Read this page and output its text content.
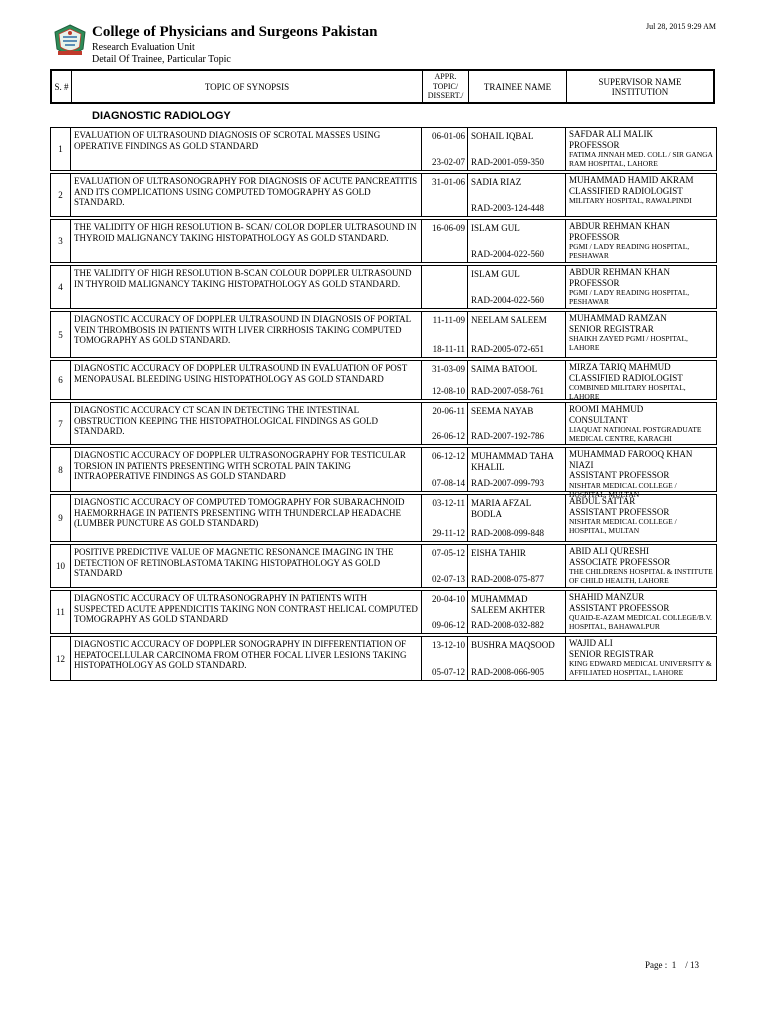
College of Physicians and Surgeons Pakistan
Research Evaluation Unit
Detail Of Trainee, Particular Topic
Jul 28, 2015 9:29 AM
S. #	TOPIC OF SYNOPSIS
APPR. TOPIC/ DISSERT./
TRAINEE NAME	SUPERVISOR NAME INSTITUTION
DIAGNOSTIC RADIOLOGY
1
EVALUATION OF ULTRASOUND DIAGNOSIS OF SCROTAL MASSES USING OPERATIVE FINDINGS AS GOLD STANDARD
06-01-06
23-02-07
SOHAIL IQBAL
RAD-2001-059-350
SAFDAR ALI MALIK
PROFESSOR
FATIMA JINNAH MED. COLL / SIR GANGA RAM HOSPITAL, LAHORE
2
EVALUATION OF ULTRASONOGRAPHY FOR DIAGNOSIS OF ACUTE PANCREATITIS AND ITS COMPLICATIONS USING COMPUTED TOMOGRAPHY AS GOLD STANDARD.
31-01-06 SADIA RIAZ
RAD-2003-124-448
MUHAMMAD HAMID AKRAM
CLASSIFIED RADIOLOGIST
MILITARY HOSPITAL, RAWALPINDI
3
THE VALIDITY OF HIGH RESOLUTION B- SCAN/ COLOR DOPLER ULTRASOUND IN THYROID MALIGNANCY TAKING HISTOPATHOLOGY AS GOLD STANDARD.
16-06-09 ISLAM GUL
RAD-2004-022-560
ABDUR REHMAN KHAN
PROFESSOR
PGMI / LADY READING HOSPITAL, PESHAWAR
4
THE VALIDITY OF HIGH RESOLUTION B-SCAN COLOUR DOPPLER ULTRASOUND IN THYROID MALIGNANCY TAKING HISTOPATHOLOGY AS GOLD STANDARD.
ISLAM GUL
RAD-2004-022-560
ABDUR REHMAN KHAN
PROFESSOR
PGMI / LADY READING HOSPITAL, PESHAWAR
5
DIAGNOSTIC ACCURACY OF DOPPLER ULTRASOUND IN DIAGNOSIS OF PORTAL VEIN THROMBOSIS IN PATIENTS WITH LIVER CIRRHOSIS TAKING COMPUTED TOMOGRAPHY AS GOLD STANDARD.
11-11-09
18-11-11
NEELAM SALEEM
RAD-2005-072-651
MUHAMMAD RAMZAN
SENIOR REGISTRAR
SHAIKH ZAYED PGMI / HOSPITAL, LAHORE
6
DIAGNOSTIC ACCURACY OF DOPPLER ULTRASOUND IN EVALUATION OF POST MENOPAUSAL BLEEDING USING HISTOPATHOLOGY AS GOLD STANDARD
31-03-09
12-08-10
SAIMA BATOOL
RAD-2007-058-761
MIRZA TARIQ MAHMUD
CLASSIFIED RADIOLOGIST
COMBINED MILITARY HOSPITAL, LAHORE
7
DIAGNOSTIC ACCURACY CT SCAN IN DETECTING THE INTESTINAL OBSTRUCTION KEEPING THE HISTOPATHOLOGICAL FINDINGS AS GOLD STANDARD.
20-06-11
26-06-12
SEEMA NAYAB
RAD-2007-192-786
ROOMI MAHMUD
CONSULTANT
LIAQUAT NATIONAL POSTGRADUATE MEDICAL CENTRE, KARACHI
8
DIAGNOSTIC ACCURACY OF DOPPLER ULTRASONOGRAPHY FOR TESTICULAR TORSION IN PATIENTS PRESENTING WITH SCROTAL PAIN TAKING INTRAOPERATIVE FINDINGS AS GOLD STANDARD
06-12-12
07-08-14
MUHAMMAD TAHA KHALIL
RAD-2007-099-793
MUHAMMAD FAROOQ KHAN NIAZI
ASSISTANT PROFESSOR
NISHTAR MEDICAL COLLEGE / HOSPITAL, MULTAN
9
DIAGNOSTIC ACCURACY OF COMPUTED TOMOGRAPHY FOR SUBARACHNOID HAEMORRHAGE IN PATIENTS PRESENTING WITH THUNDERCLAP HEADACHE (LUMBER PUNCTURE AS GOLD STANDARD)
03-12-11
29-11-12
MARIA AFZAL BODLA
RAD-2008-099-848
ABDUL SATTAR
ASSISTANT PROFESSOR
NISHTAR MEDICAL COLLEGE / HOSPITAL, MULTAN
10
POSITIVE PREDICTIVE VALUE OF MAGNETIC RESONANCE IMAGING IN THE DETECTION OF RETINOBLASTOMA TAKING HISTOPATHOLOGY AS GOLD STANDARD
07-05-12
02-07-13
EISHA TAHIR
RAD-2008-075-877
ABID ALI QURESHI
ASSOCIATE PROFESSOR
THE CHILDRENS HOSPITAL & INSTITUTE OF CHILD HEALTH, LAHORE
11
DIAGNOSTIC ACCURACY OF ULTRASONOGRAPHY IN PATIENTS WITH SUSPECTED ACUTE APPENDICITIS TAKING NON CONTRAST HELICAL COMPUTED TOMOGRAPHY AS GOLD STANDARD
20-04-10
09-06-12
MUHAMMAD SALEEM AKHTER
RAD-2008-032-882
SHAHID MANZUR
ASSISTANT PROFESSOR
QUAID-E-AZAM MEDICAL COLLEGE/B.V. HOSPITAL, BAHAWALPUR
12
DIAGNOSTIC ACCURACY OF DOPPLER SONOGRAPHY IN DIFFERENTIATION OF HEPATOCELLULAR CARCINOMA FROM OTHER FOCAL LIVER LESIONS TAKING HISTOPATHOLOGY AS GOLD STANDARD.
13-12-10
05-07-12
BUSHRA MAQSOOD
RAD-2008-066-905
WAJID ALI
SENIOR REGISTRAR
KING EDWARD MEDICAL UNIVERSITY & AFFILIATED HOSPITAL, LAHORE
Page : 1 / 13
